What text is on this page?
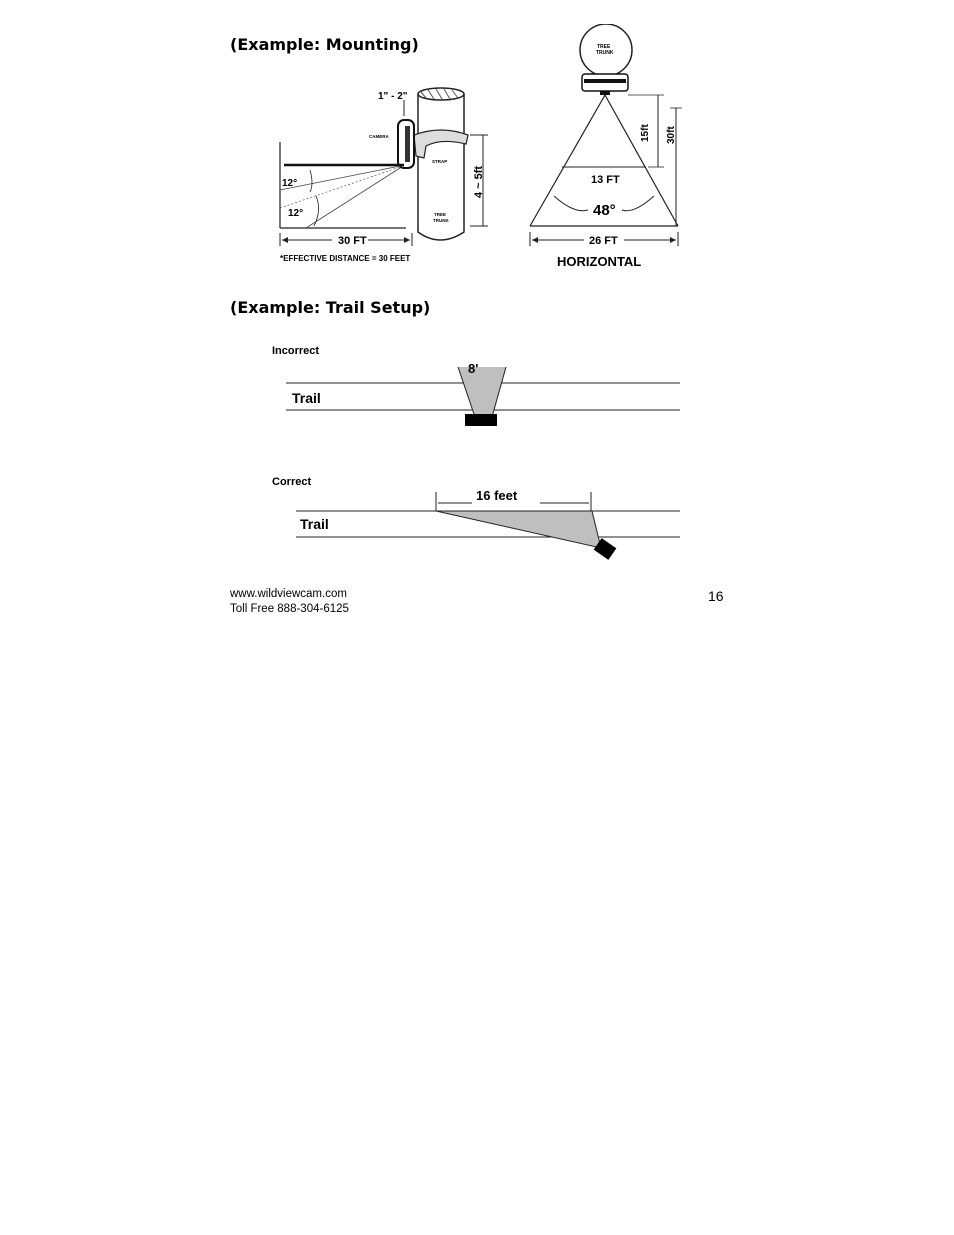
(Example: Mounting)
1" - 2"
CAMERA
STRAP
TREE
TRUNK
4 ~ 5ft
12°
12°
30 FT
*EFFECTIVE DISTANCE = 30 FEET
TREE
TRUNK
13 FT
48°
15ft 30ft
26 FT
HORIZONTAL
(Example: Trail Setup)
Incorrect
8'
Trail
Correct
16 feet
Trail
www.wildviewcam.com
Toll Free 888-304-6125
16
